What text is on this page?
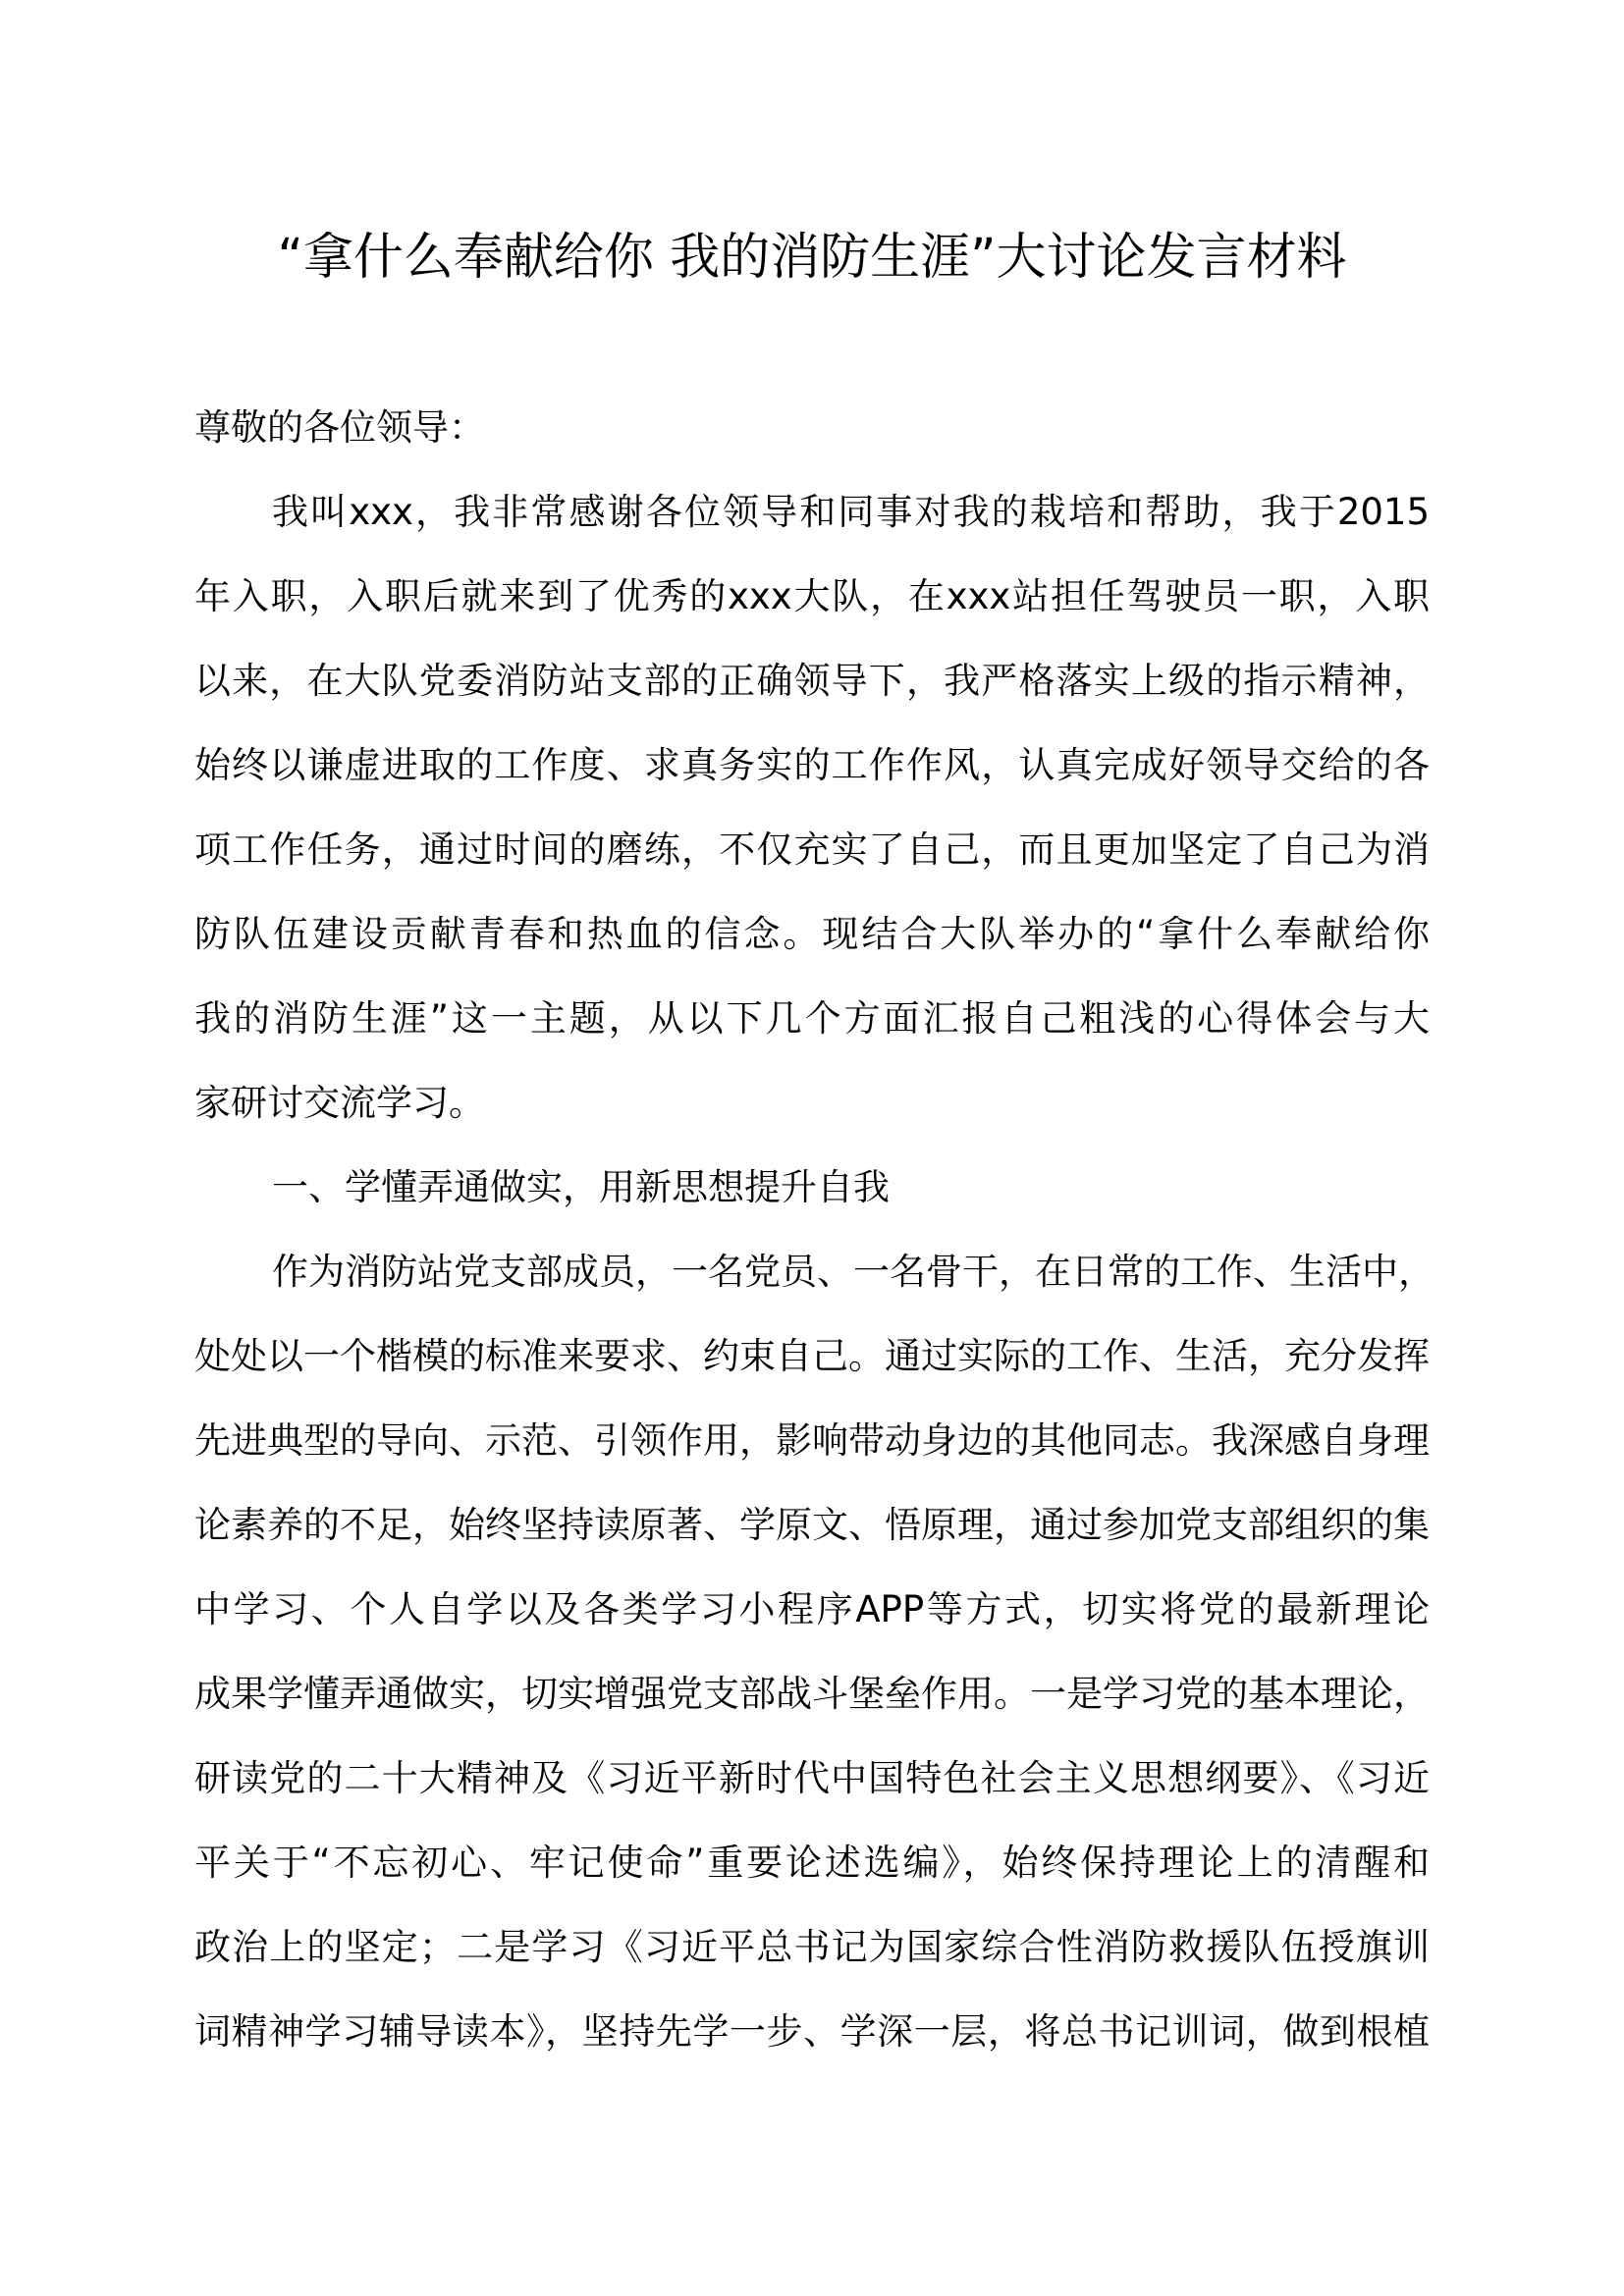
“拿什么奉献给你 我的消防生涯”大讨论发言材料
尊敬的各位领导：
我叫xxx，我非常感谢各位领导和同事对我的栽培和帮助，我于2015
年入职，入职后就来到了优秀的xxx大队，在xxx站担任驾驶员一职，入职
以来，在大队党委消防站支部的正确领导下，我严格落实上级的指示精神，
始终以谦虚进取的工作度、求真务实的工作作风，认真完成好领导交给的各
项工作任务，通过时间的磨练，不仅充实了自己，而且更加坚定了自己为消
防队伍建设贡献青春和热血的信念。现结合大队举办的“拿什么奉献给你
我的消防生涯”这一主题，从以下几个方面汇报自己粗浅的心得体会与大
家研讨交流学习。
一、学懂弄通做实，用新思想提升自我
作为消防站党支部成员，一名党员、一名骨干，在日常的工作、生活中，
处处以一个楷模的标准来要求、约束自己。通过实际的工作、生活，充分发挥
先进典型的导向、示范、引领作用，影响带动身边的其他同志。我深感自身理
论素养的不足，始终坚持读原著、学原文、悟原理，通过参加党支部组织的集
中学习、个人自学以及各类学习小程序APP等方式，切实将党的最新理论
成果学懂弄通做实，切实增强党支部战斗堡垒作用。一是学习党的基本理论，
研读党的二十大精神及《习近平新时代中国特色社会主义思想纲要》、《习近
平关于“不忘初心、牢记使命”重要论述选编》，始终保持理论上的清醒和
政治上的坚定；二是学习《习近平总书记为国家综合性消防救援队伍授旗训
词精神学习辅导读本》，坚持先学一步、学深一层，将总书记训词，做到根植
